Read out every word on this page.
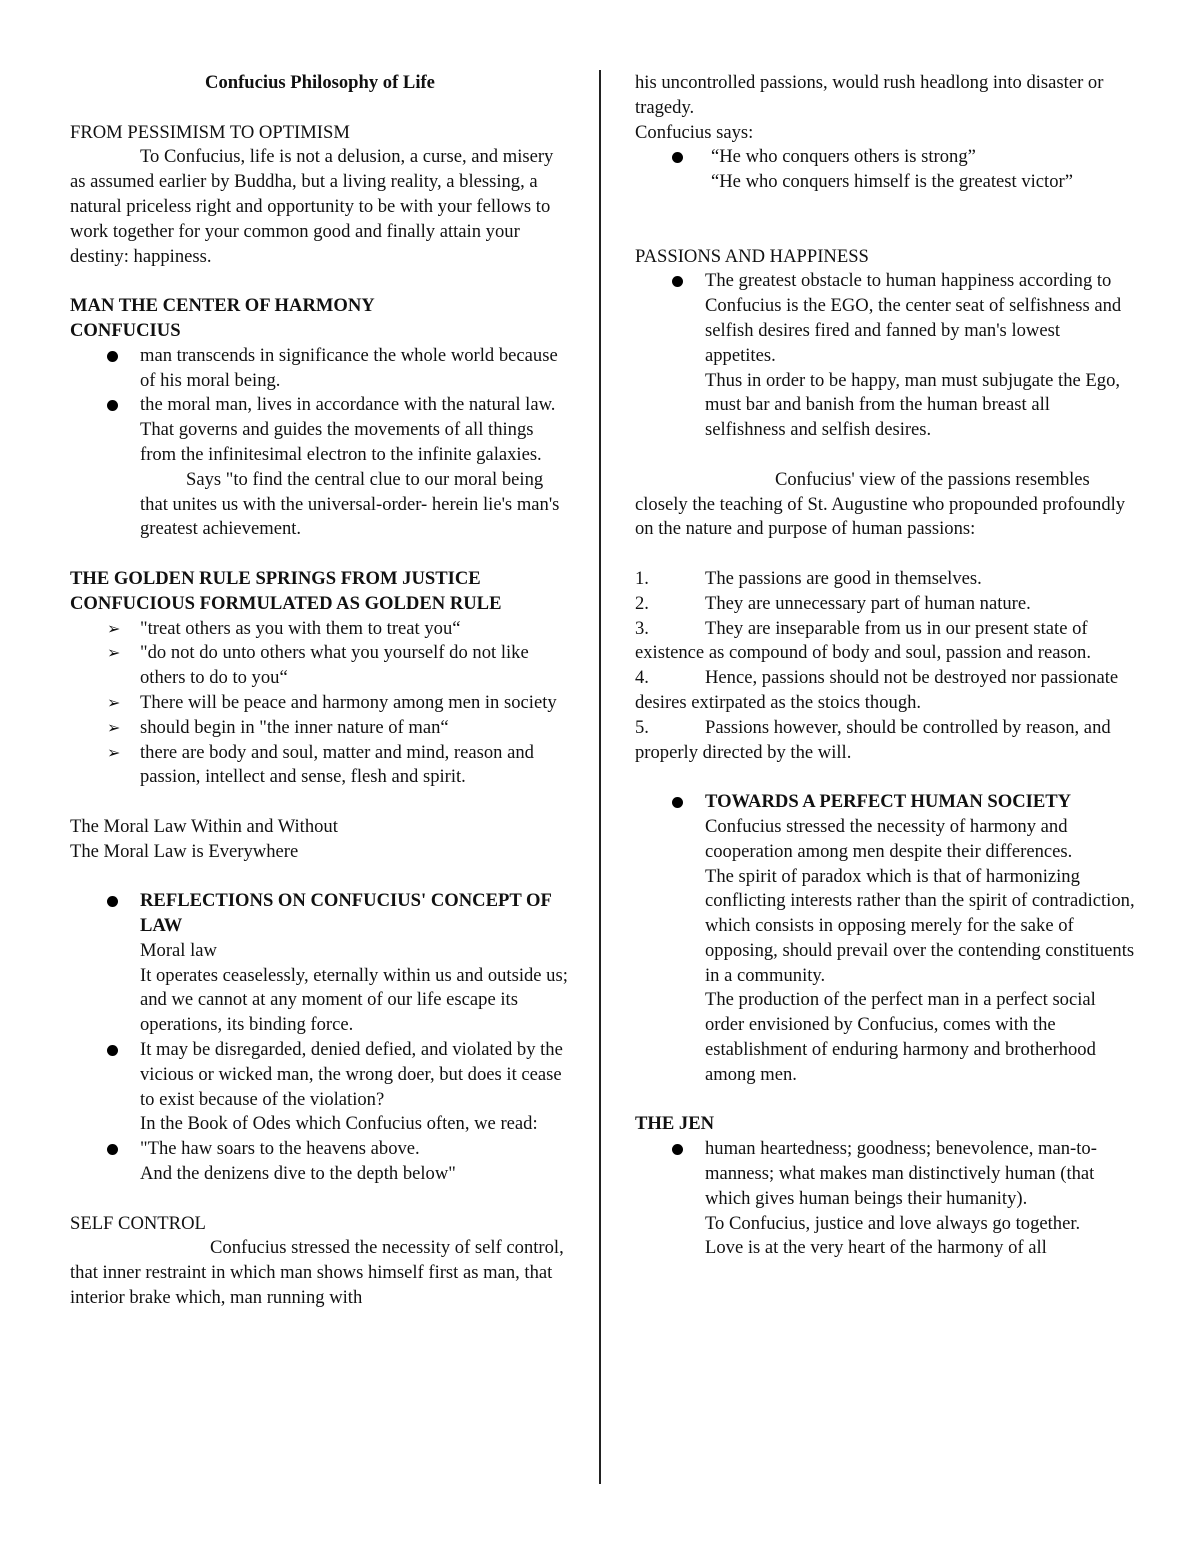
Confucius Philosophy of Life
FROM PESSIMISM TO OPTIMISM
To Confucius, life is not a delusion, a curse, and misery as assumed earlier by Buddha, but a living reality, a blessing, a natural priceless right and opportunity to be with your fellows to work together for your common good and finally attain your destiny: happiness.
MAN THE CENTER OF HARMONY
CONFUCIUS
man transcends in significance the whole world because of his moral being.
the moral man, lives in accordance with the natural law. That governs and guides the movements of all things from the infinitesimal electron to the infinite galaxies.
Says "to find the central clue to our moral being that unites us with the universal-order- herein lie's man's greatest achievement.
THE GOLDEN RULE SPRINGS FROM JUSTICE
CONFUCIOUS FORMULATED AS GOLDEN RULE
➢	"treat others as you with them to treat you“
➢	"do not do unto others what you yourself do not like others to do to you“
➢	There will be peace and harmony among men in society
➢	should begin in "the inner nature of man“
➢	there are body and soul, matter and mind, reason and passion, intellect and sense, flesh and spirit.
The Moral Law Within and Without
The Moral Law is Everywhere
REFLECTIONS ON CONFUCIUS' CONCEPT OF LAW
Moral law
It operates ceaselessly, eternally within us and outside us; and we cannot at any moment of our life escape its operations, its binding force.
It may be disregarded, denied defied, and violated by the vicious or wicked man, the wrong doer, but does it cease to exist because of the violation?
In the Book of Odes which Confucius often, we read:
"The haw soars to the heavens above.
And the denizens dive to the depth below"
SELF CONTROL
Confucius stressed the necessity of self control, that inner restraint in which man shows himself first as man, that interior brake which, man running with
his uncontrolled passions, would rush headlong into disaster or tragedy.
Confucius says:
“He who conquers others is strong”
“He who conquers himself is the greatest victor”
PASSIONS AND HAPPINESS
The greatest obstacle to human happiness according to Confucius is the EGO, the center seat of selfishness and selfish desires fired and fanned by man's lowest appetites.
Thus in order to be happy, man must subjugate the Ego, must bar and banish from the human breast all selfishness and selfish desires.
Confucius' view of the passions resembles closely the teaching of St. Augustine who propounded profoundly on the nature and purpose of human passions:
1.	The passions are good in themselves.
2.	They are unnecessary part of human nature.
3.	They are inseparable from us in our present state of existence as compound of body and soul, passion and reason.
4.	Hence, passions should not be destroyed nor passionate desires extirpated as the stoics though.
5.	Passions however, should be controlled by reason, and properly directed by the will.
TOWARDS A PERFECT HUMAN SOCIETY
Confucius stressed the necessity of harmony and cooperation among men despite their differences.
The spirit of paradox which is that of harmonizing conflicting interests rather than the spirit of contradiction, which consists in opposing merely for the sake of opposing, should prevail over the contending constituents in a community.
The production of the perfect man in a perfect social order envisioned by Confucius, comes with the establishment of enduring harmony and brotherhood among men.
THE JEN
human heartedness; goodness; benevolence, man-to-manness; what makes man distinctively human (that which gives human beings their humanity).
To Confucius, justice and love always go together.
Love is at the very heart of the harmony of all
